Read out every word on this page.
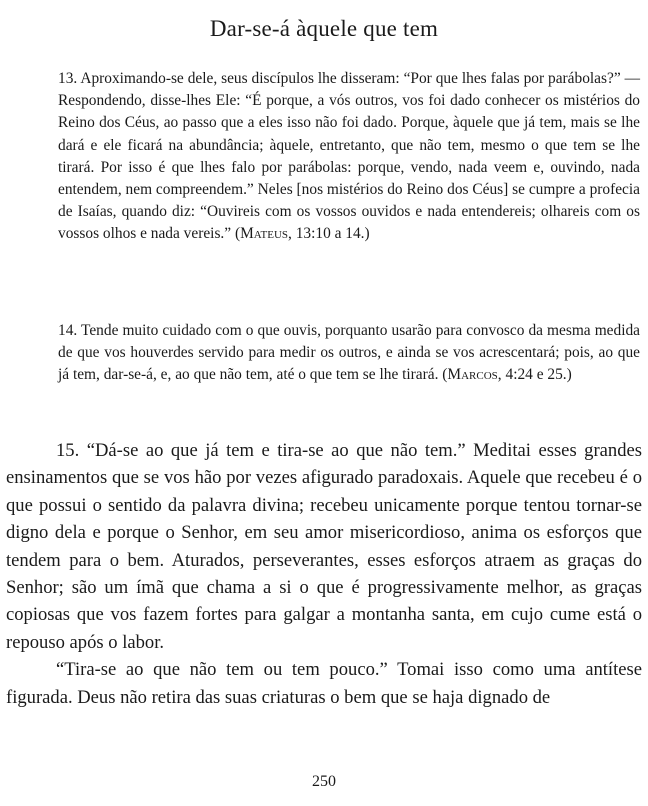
Dar-se-á àquele que tem
13. Aproximando-se dele, seus discípulos lhe disseram: “Por que lhes falas por parábolas?” — Respondendo, disse-lhes Ele: “É porque, a vós outros, vos foi dado conhecer os mistérios do Reino dos Céus, ao passo que a eles isso não foi dado. Porque, àquele que já tem, mais se lhe dará e ele ficará na abundância; àquele, entretanto, que não tem, mesmo o que tem se lhe tirará. Por isso é que lhes falo por parábolas: porque, vendo, nada veem e, ouvindo, nada entendem, nem compreendem.” Neles [nos mistérios do Reino dos Céus] se cumpre a profecia de Isaías, quando diz: “Ouvireis com os vossos ouvidos e nada entendereis; olhareis com os vossos olhos e nada vereis.” (Mateus, 13:10 a 14.)
14. Tende muito cuidado com o que ouvis, porquanto usarão para convosco da mesma medida de que vos houverdes servido para medir os outros, e ainda se vos acrescentará; pois, ao que já tem, dar-se-á, e, ao que não tem, até o que tem se lhe tirará. (Marcos, 4:24 e 25.)

15. “Dá-se ao que já tem e tira-se ao que não tem.” Meditai esses grandes ensinamentos que se vos hão por vezes afigurado paradoxais. Aquele que recebeu é o que possui o sentido da palavra divina; recebeu unicamente porque tentou tornar-se digno dela e porque o Senhor, em seu amor misericordioso, anima os esforços que tendem para o bem. Aturados, perseverantes, esses esforços atraem as graças do Senhor; são um ímã que chama a si o que é progressivamente melhor, as graças copiosas que vos fazem fortes para galgar a montanha santa, em cujo cume está o repouso após o labor.

“Tira-se ao que não tem ou tem pouco.” Tomai isso como uma antítese figurada. Deus não retira das suas criaturas o bem que se haja dignado de

250
